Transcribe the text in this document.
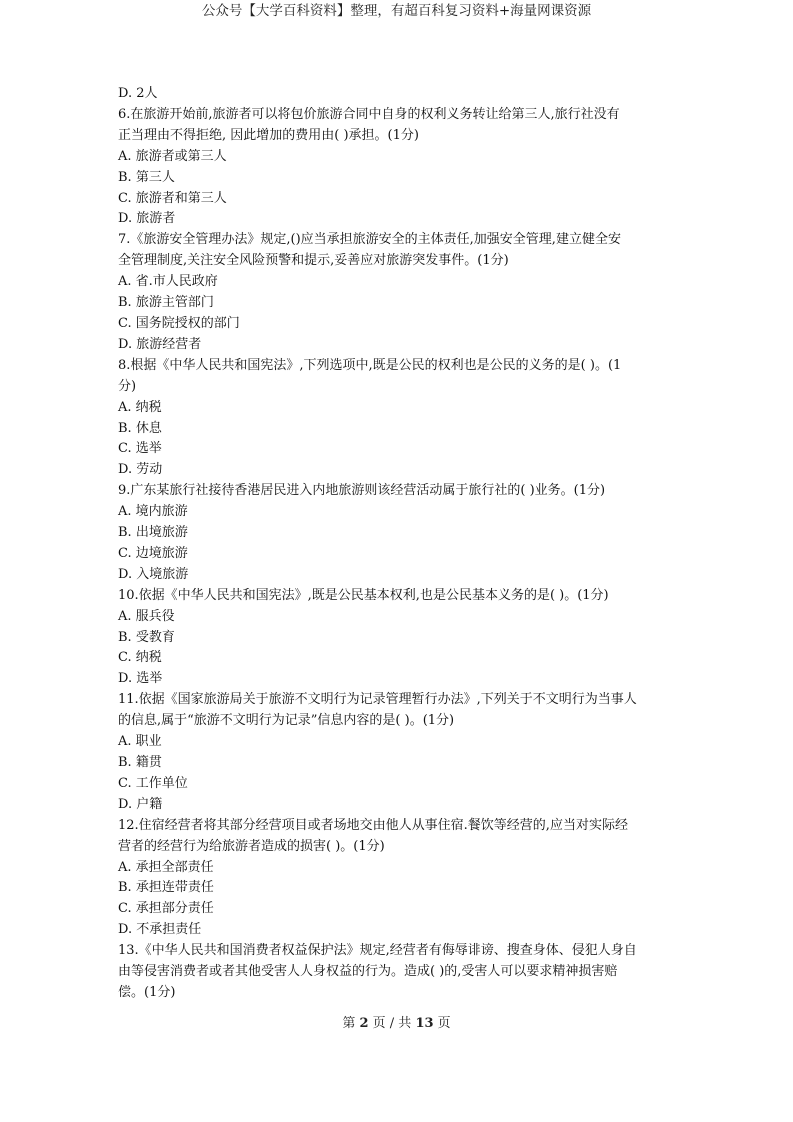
公众号【大学百科资料】整理，有超百科复习资料+海量网课资源
D. 2人
6.在旅游开始前,旅游者可以将包价旅游合同中自身的权利义务转让给第三人,旅行社没有
正当理由不得拒绝, 因此增加的费用由( )承担。(1分)
A. 旅游者或第三人
B. 第三人
C. 旅游者和第三人
D. 旅游者
7.《旅游安全管理办法》规定,()应当承担旅游安全的主体责任,加强安全管理,建立健全安
全管理制度,关注安全风险预警和提示,妥善应对旅游突发事件。(1分)
A. 省.市人民政府
B. 旅游主管部门
C. 国务院授权的部门
D. 旅游经营者
8.根据《中华人民共和国宪法》,下列选项中,既是公民的权利也是公民的义务的是( )。(1
分)
A. 纳税
B. 休息
C. 选举
D. 劳动
9.广东某旅行社接待香港居民进入内地旅游则该经营活动属于旅行社的( )业务。(1分)
A. 境内旅游
B. 出境旅游
C. 边境旅游
D. 入境旅游
10.依据《中华人民共和国宪法》,既是公民基本权利,也是公民基本义务的是( )。(1分)
A. 服兵役
B. 受教育
C. 纳税
D. 选举
11.依据《国家旅游局关于旅游不文明行为记录管理暂行办法》,下列关于不文明行为当事人
的信息,属于“旅游不文明行为记录”信息内容的是( )。(1分)
A. 职业
B. 籍贯
C. 工作单位
D. 户籍
12.住宿经营者将其部分经营项目或者场地交由他人从事住宿.餐饮等经营的,应当对实际经
营者的经营行为给旅游者造成的损害( )。(1分)
A. 承担全部责任
B. 承担连带责任
C. 承担部分责任
D. 不承担责任
13.《中华人民共和国消费者权益保护法》规定,经营者有侮辱诽谤、搜查身体、侵犯人身自
由等侵害消费者或者其他受害人人身权益的行为。造成( )的,受害人可以要求精神损害赔
偿。(1分)
第 2 页 / 共 13 页
